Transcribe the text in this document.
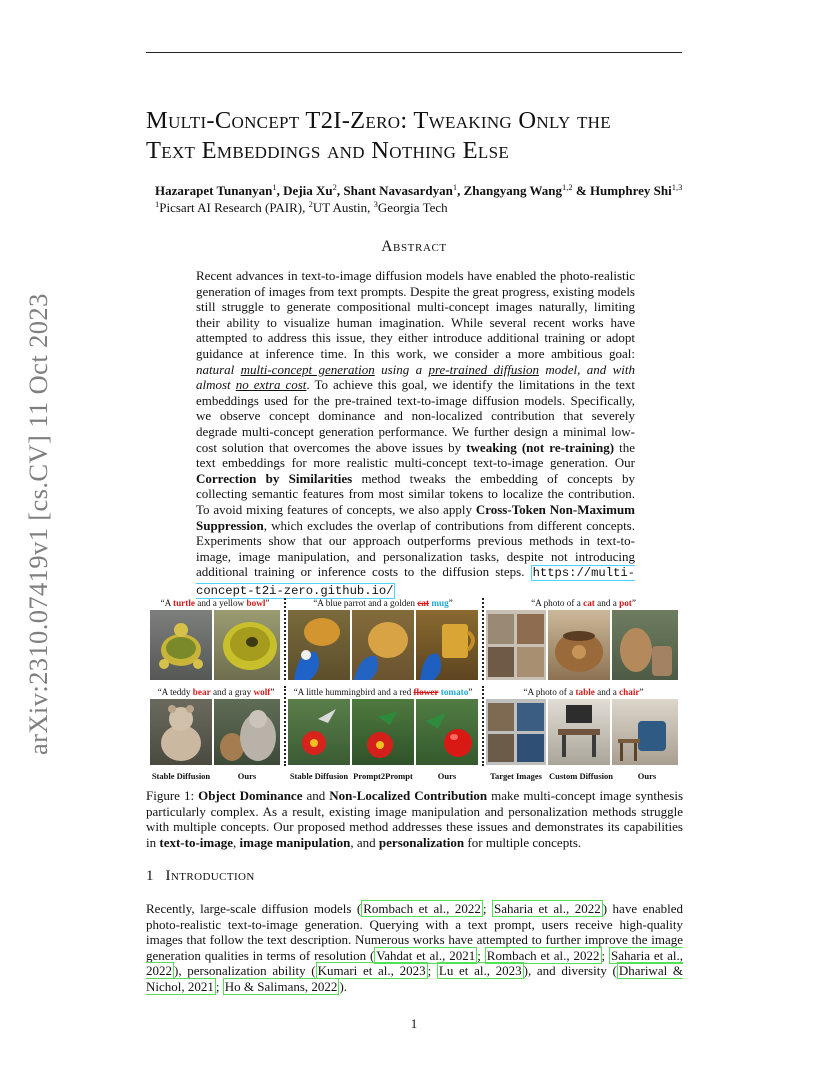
arXiv:2310.07419v1 [cs.CV] 11 Oct 2023
Multi-Concept T2I-Zero: Tweaking Only the
Text Embeddings and Nothing Else
Hazarapet Tunanyan$^1$, Dejia Xu$^2$, Shant Navasardyan$^1$, Zhangyang Wang$^{1,2}$ & Humphrey Shi$^{1,3}$
$^1$Picsart AI Research (PAIR), $^2$UT Austin, $^3$Georgia Tech
Abstract
Recent advances in text-to-image diffusion models have enabled the photo-realistic generation of images from text prompts. Despite the great progress, existing models still struggle to generate compositional multi-concept images naturally, limiting their ability to visualize human imagination. While several recent works have attempted to address this issue, they either introduce additional training or adopt guidance at inference time. In this work, we consider a more ambitious goal: natural multi-concept generation using a pre-trained diffusion model, and with almost no extra cost. To achieve this goal, we identify the limitations in the text embeddings used for the pre-trained text-to-image diffusion models. Specifically, we observe concept dominance and non-localized contribution that severely degrade multi-concept generation performance. We further design a minimal low-cost solution that overcomes the above issues by tweaking (not re-training) the text embeddings for more realistic multi-concept text-to-image generation. Our Correction by Similarities method tweaks the embedding of concepts by collecting semantic features from most similar tokens to localize the contribution. To avoid mixing features of concepts, we also apply Cross-Token Non-Maximum Suppression, which excludes the overlap of contributions from different concepts. Experiments show that our approach outperforms previous methods in text-to-image, image manipulation, and personalization tasks, despite not introducing additional training or inference costs to the diffusion steps. https://multi-concept-t2i-zero.github.io/
“A turtle and a yellow bowl”	“A blue parrot and a golden cat mug”	“A photo of a cat and a pot”
“A teddy bear and a gray wolf”	“A little hummingbird and a red flower tomato”	“A photo of a table and a chair”
Stable Diffusion	Ours	Stable Diffusion Prompt2Prompt	Ours	Target Images Custom Diffusion	Ours
Figure 1: Object Dominance and Non-Localized Contribution make multi-concept image synthesis particularly complex. As a result, existing image manipulation and personalization methods struggle with multiple concepts. Our proposed method addresses these issues and demonstrates its capabilities in text-to-image, image manipulation, and personalization for multiple concepts.
1 Introduction
Recently, large-scale diffusion models ( Rombach et al., 2022 ; Saharia et al., 2022 ) have enabled photo-realistic text-to-image generation. Querying with a text prompt, users receive high-quality images that follow the text description. Numerous works have attempted to further improve the image generation qualities in terms of resolution ( Vahdat et al., 2021 ; Rombach et al., 2022 ; Saharia et al., 2022 ), personalization ability ( Kumari et al., 2023 ; Lu et al., 2023 ), and diversity ( Dhariwal & Nichol, 2021 ; Ho & Salimans, 2022 ).
1
